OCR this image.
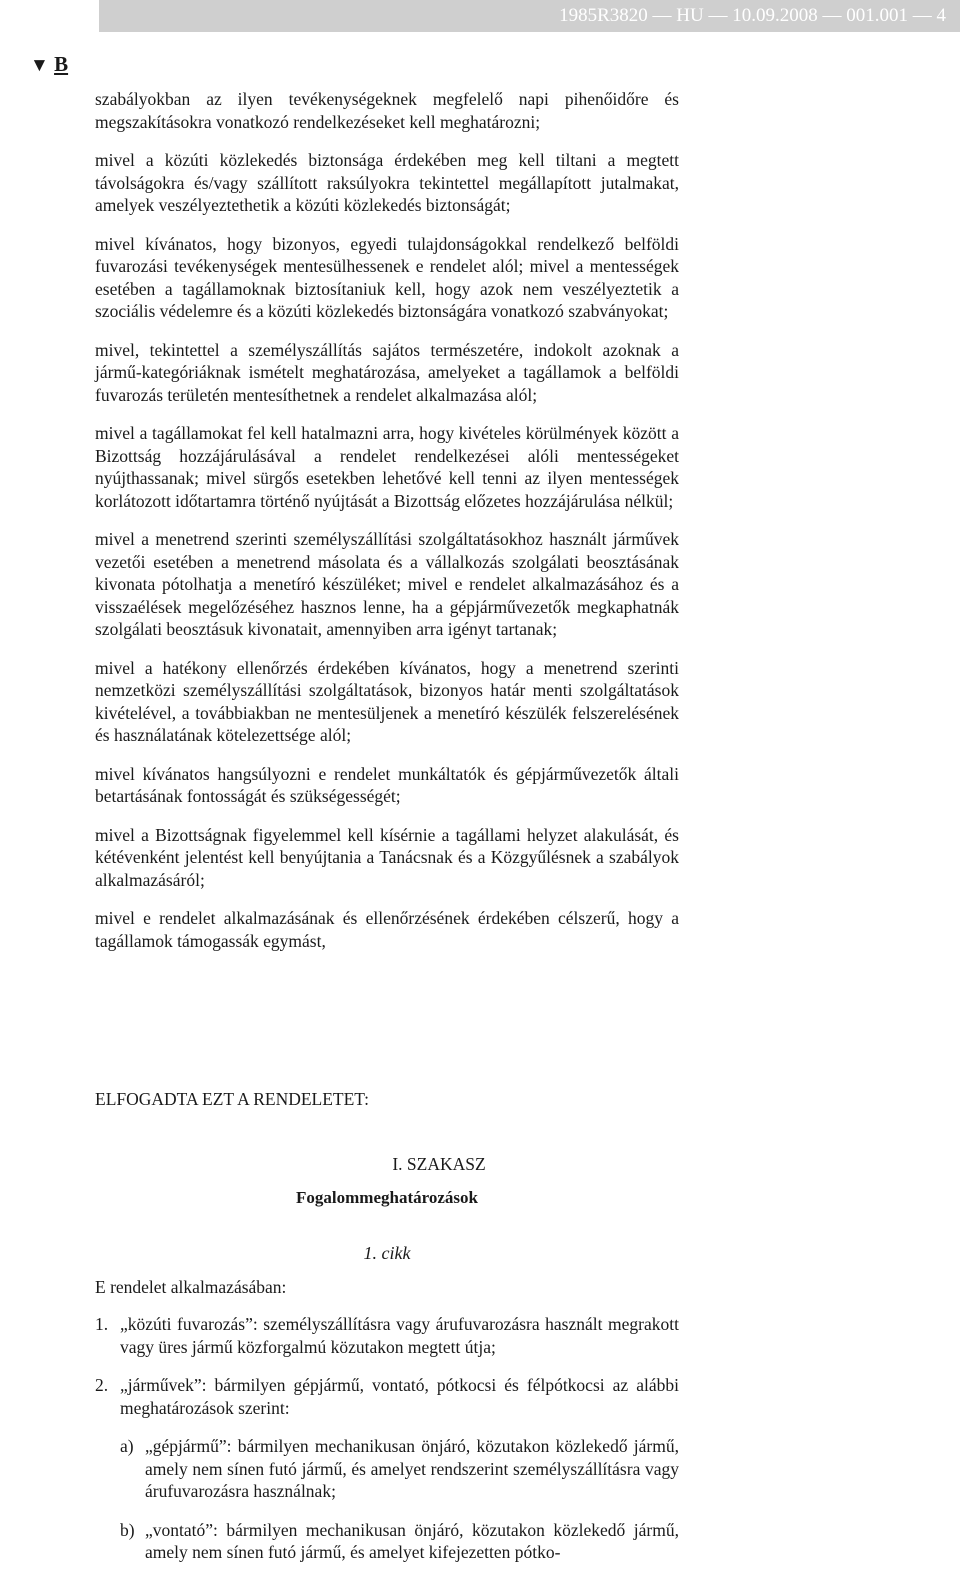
1985R3820 — HU — 10.09.2008 — 001.001 — 4
▼ B

szabályokban az ilyen tevékenységeknek megfelelő napi pihenőidőre és megszakításokra vonatkozó rendelkezéseket kell meghatározni;

mivel a közúti közlekedés biztonsága érdekében meg kell tiltani a megtett távolságokra és/vagy szállított raksúlyokra tekintettel megállapított jutalmakat, amelyek veszélyeztethetik a közúti közlekedés biztonságát;

mivel kívánatos, hogy bizonyos, egyedi tulajdonságokkal rendelkező belföldi fuvarozási tevékenységek mentesülhessenek e rendelet alól; mivel a mentességek esetében a tagállamoknak biztosítaniuk kell, hogy azok nem veszélyeztetik a szociális védelemre és a közúti közlekedés biztonságára vonatkozó szabványokat;

mivel, tekintettel a személyszállítás sajátos természetére, indokolt azoknak a jármű-kategóriáknak ismételt meghatározása, amelyeket a tagállamok a belföldi fuvarozás területén mentesíthetnek a rendelet alkalmazása alól;

mivel a tagállamokat fel kell hatalmazni arra, hogy kivételes körülmények között a Bizottság hozzájárulásával a rendelet rendelkezései alóli mentességeket nyújthassanak; mivel sürgős esetekben lehetővé kell tenni az ilyen mentességek korlátozott időtartamra történő nyújtását a Bizottság előzetes hozzájárulása nélkül;

mivel a menetrend szerinti személyszállítási szolgáltatásokhoz használt járművek vezetői esetében a menetrend másolata és a vállalkozás szolgálati beosztásának kivonata pótolhatja a menetíró készüléket; mivel e rendelet alkalmazásához és a visszaélések megelőzéséhez hasznos lenne, ha a gépjárművezetők megkaphatnák szolgálati beosztásuk kivonatait, amennyiben arra igényt tartanak;

mivel a hatékony ellenőrzés érdekében kívánatos, hogy a menetrend szerinti nemzetközi személyszállítási szolgáltatások, bizonyos határ menti szolgáltatások kivételével, a továbbiakban ne mentesüljenek a menetíró készülék felszerelésének és használatának kötelezettsége alól;

mivel kívánatos hangsúlyozni e rendelet munkáltatók és gépjárművezetők általi betartásának fontosságát és szükségességét;

mivel a Bizottságnak figyelemmel kell kísérnie a tagállami helyzet alakulását, és kétévenként jelentést kell benyújtania a Tanácsnak és a Közgyűlésnek a szabályok alkalmazásáról;

mivel e rendelet alkalmazásának és ellenőrzésének érdekében célszerű, hogy a tagállamok támogassák egymást,

ELFOGADTA EZT A RENDELETET:

I. SZAKASZ

Fogalommeghatározások

1. cikk

E rendelet alkalmazásában:

1. „közúti fuvarozás”: személyszállításra vagy árufuvarozásra használt megrakott vagy üres jármű közforgalmú közutakon megtett útja;
2. „járművek”: bármilyen gépjármű, vontató, pótkocsi és félpótkocsi az alábbi meghatározások szerint:
a) „gépjármű”: bármilyen mechanikusan önjáró, közutakon közlekedő jármű, amely nem sínen futó jármű, és amelyet rendszerint személyszállításra vagy árufuvarozásra használnak;
b) „vontató”: bármilyen mechanikusan önjáró, közutakon közlekedő jármű, amely nem sínen futó jármű, és amelyet kifejezetten pótko-
